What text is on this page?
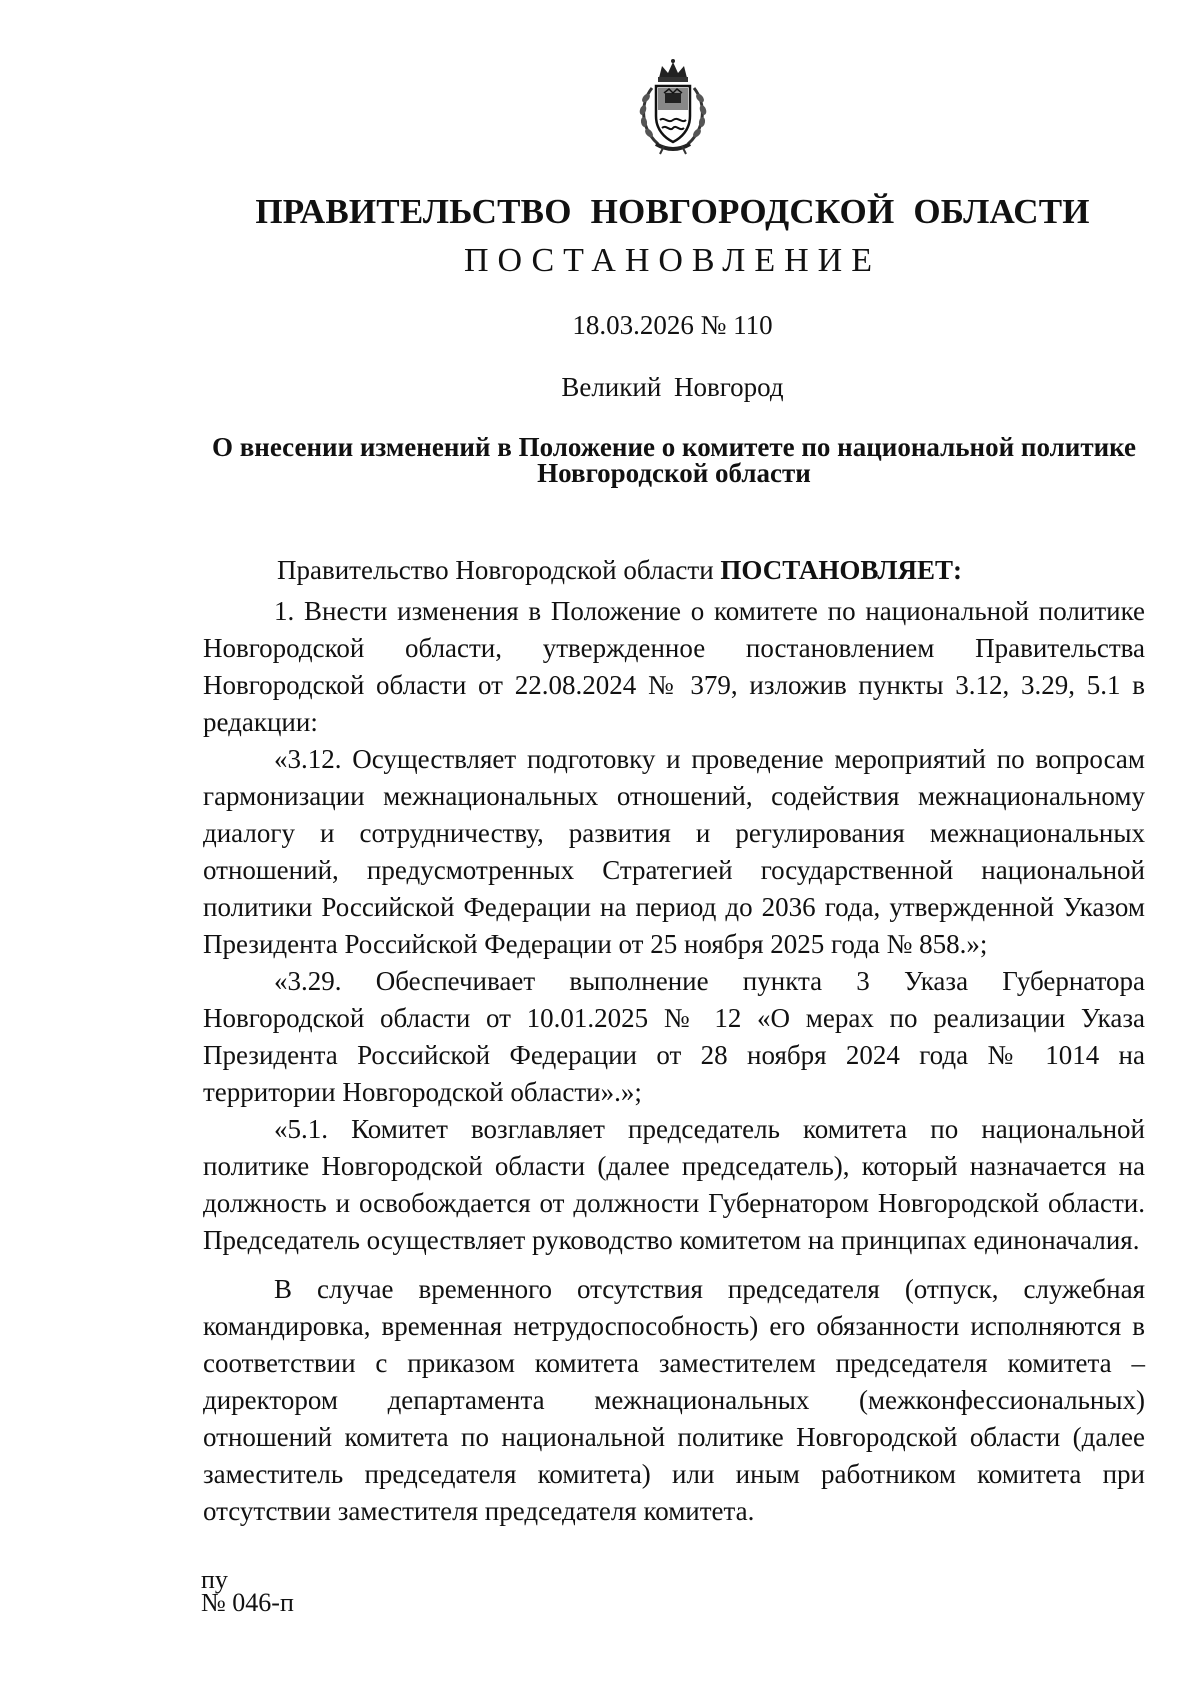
ПРАВИТЕЛЬСТВО НОВГОРОДСКОЙ ОБЛАСТИ
ПОСТАНОВЛЕНИЕ
18.03.2026 № 110
Великий Новгород
О внесении изменений в Положение о комитете по национальной политике
Новгородской области

Правительство Новгородской области ПОСТАНОВЛЯЕТ:

1. Внести изменения в Положение о комитете по национальной политике Новгородской области, утвержденное постановлением Правительства Новгородской области от 22.08.2024 № 379, изложив пункты 3.12, 3.29, 5.1 в редакции:

«3.12. Осуществляет подготовку и проведение мероприятий по вопросам гармонизации межнациональных отношений, содействия межнациональному диалогу и сотрудничеству, развития и регулирования межнациональных отношений, предусмотренных Стратегией государственной национальной политики Российской Федерации на период до 2036 года, утвержденной Указом Президента Российской Федерации от 25 ноября 2025 года № 858.»;

«3.29. Обеспечивает выполнение пункта 3 Указа Губернатора Новгородской области от 10.01.2025 № 12 «О мерах по реализации Указа Президента Российской Федерации от 28 ноября 2024 года № 1014 на территории Новгородской области».»;

«5.1. Комитет возглавляет председатель комитета по национальной политике Новгородской области (далее председатель), который назначается на должность и освобождается от должности Губернатором Новгородской области. Председатель осуществляет руководство комитетом на принципах единоначалия.

В случае временного отсутствия председателя (отпуск, служебная командировка, временная нетрудоспособность) его обязанности исполняются в соответствии с приказом комитета заместителем председателя комитета – директором департамента межнациональных (межконфессиональных) отношений комитета по национальной политике Новгородской области (далее заместитель председателя комитета) или иным работником комитета при отсутствии заместителя председателя комитета.

пу
№ 046-п
